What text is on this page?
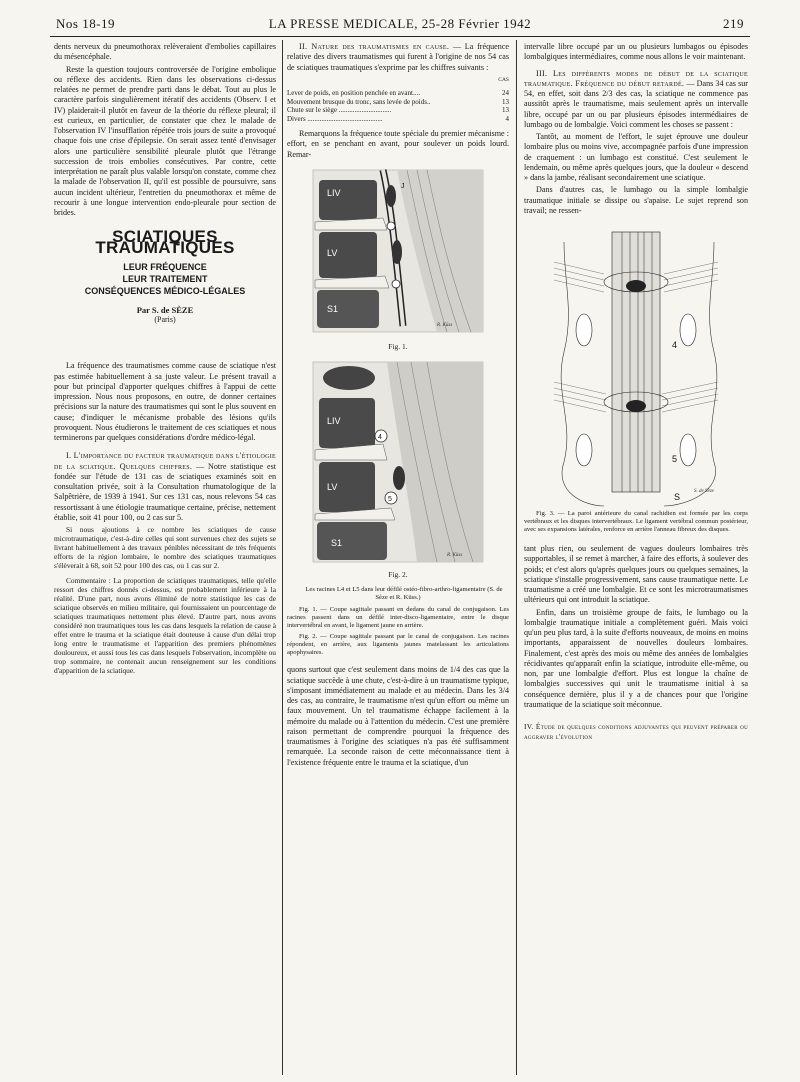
Nos 18-19	LA PRESSE MEDICALE, 25-28 Février 1942	219

dents nerveux du pneumothorax relèveraient d'embolies capillaires du mésencéphale.

Reste la question toujours controversée de l'origine embolique ou réflexe des accidents. Rien dans les observations ci-dessus relatées ne permet de prendre parti dans le débat. Tout au plus le caractère parfois singulièrement itératif des accidents (Observ. I et IV) plaiderait-il plutôt en faveur de la théorie du réflexe pleural; il est curieux, en particulier, de constater que chez le malade de l'observation IV l'insufflation répétée trois jours de suite a provoqué chaque fois une crise d'épilepsie. On serait assez tenté d'envisager alors une particulière sensibilité pleurale plutôt que l'étrange succession de trois embolies consécutives. Par contre, cette interprétation ne paraît plus valable lorsqu'on constate, comme chez la malade de l'observation II, qu'il est possible de poursuivre, sans aucun incident ultérieur, l'entretien du pneumothorax et même de recourir à une longue intervention endo-pleurale pour section de brides.

SCIATIQUES TRAUMATIQUES
LEUR FRÉQUENCE
LEUR TRAITEMENT
CONSÉQUENCES MÉDICO-LÉGALES
Par S. de SÈZE
(Paris)

La fréquence des traumatismes comme cause de sciatique n'est pas estimée habituellement à sa juste valeur. Le présent travail a pour but principal d'apporter quelques chiffres à l'appui de cette impression. Nous nous proposons, en outre, de donner certaines précisions sur la nature des traumatismes qui sont le plus souvent en cause; d'indiquer le mécanisme probable des lésions qu'ils provoquent. Nous étudierons le traitement de ces sciatiques et nous terminerons par quelques considérations d'ordre médico-légal.

I. L'importance du facteur traumatique dans l'étiologie de la sciatique. Quelques chiffres. — Notre statistique est fondée sur l'étude de 131 cas de sciatiques examinés soit en consultation privée, soit à la Consultation rhumatologique de la Salpêtrière, de 1939 à 1941. Sur ces 131 cas, nous relevons 54 cas ressortissant à une étiologie traumatique certaine, précise, nettement établie, soit 41 pour 100, ou 2 cas sur 5.

Si nous ajoutions à ce nombre les sciatiques de cause microtraumatique, c'est-à-dire celles qui sont survenues chez des sujets se livrant habituellement à des travaux pénibles nécessitant de très fréquents efforts de la région lombaire, le nombre des sciatiques traumatiques s'élèverait à 68, soit 52 pour 100 des cas, ou 1 cas sur 2.

Commentaire : La proportion de sciatiques traumatiques, telle qu'elle ressort des chiffres donnés ci-dessus, est probablement inférieure à la réalité. D'une part, nous avons éliminé de notre statistique les cas de sciatique observés en milieu militaire, qui fournissaient un pourcentage de sciatiques traumatiques nettement plus élevé. D'autre part, nous avons considéré non traumatiques tous les cas dans lesquels la relation de cause à effet entre le trauma et la sciatique était douteuse à cause d'un délai trop long entre le traumatisme et l'apparition des premiers phénomènes douloureux, et aussi tous les cas dans lesquels l'observation, incomplète ou trop sommaire, ne contenait aucun renseignement sur les conditions d'apparition de la sciatique.

II. Nature des traumatismes en cause. — La fréquence relative des divers traumatismes qui furent à l'origine de nos 54 cas de sciatiques traumatiques s'exprime par les chiffres suivants :

CAS
Lever de poids, en position penchée en avant....	24
Mouvement brusque du tronc, sans levée de poids..	13
Chute sur le siège ..............................	13
Divers ...........................................	4

Remarquons la fréquence toute spéciale du premier mécanisme : effort, en se penchant en avant, pour soulever un poids lourd. Remar-

LIV
LV
S1
J
R. Küss
Fig. 1.
LIV
LV
S1
4
5
R. Küss
Fig. 2.

Les racines L4 et L5 dans leur défilé ostéo-fibro-arthro-ligamentaire (S. de Sèze et R. Küss.)

Fig. 1. — Coupe sagittale passant en dedans du canal de conjugaison. Les racines passent dans un défilé inter-disco-ligamentaire, entre le disque intervertébral en avant, le ligament jaune en arrière.

Fig. 2. — Coupe sagittale passant par le canal de conjugaison. Les racines répondent, en arrière, aux ligaments jaunes matelassant les articulations apophysaires.

quons surtout que c'est seulement dans moins de 1/4 des cas que la sciatique succède à une chute, c'est-à-dire à un traumatisme typique, s'imposant immédiatement au malade et au médecin. Dans les 3/4 des cas, au contraire, le traumatisme n'est qu'un effort ou même un faux mouvement. Un tel traumatisme échappe facilement à la mémoire du malade ou à l'attention du médecin. C'est une première raison permettant de comprendre pourquoi la fréquence des traumatismes à l'origine des sciatiques n'a pas été suffisamment remarquée. La seconde raison de cette méconnaissance tient à l'existence fréquente entre le trauma et la sciatique, d'un

intervalle libre occupé par un ou plusieurs lumbagos ou épisodes lombalgiques intermédiaires, comme nous allons le voir maintenant.

III. Les différents modes de début de la sciatique traumatique. Fréquence du début retardé. — Dans 34 cas sur 54, en effet, soit dans 2/3 des cas, la sciatique ne commence pas aussitôt après le traumatisme, mais seulement après un intervalle libre, occupé par un ou par plusieurs épisodes intermédiaires de lumbago ou de lombalgie. Voici comment les choses se passent :

Tantôt, au moment de l'effort, le sujet éprouve une douleur lombaire plus ou moins vive, accompagnée parfois d'une impression de craquement : un lumbago est constitué. C'est seulement le lendemain, ou même après quelques jours, que la douleur « descend » dans la jambe, réalisant secondairement une sciatique.

Dans d'autres cas, le lumbago ou la simple lombalgie traumatique initiale se dissipe ou s'apaise. Le sujet reprend son travail; ne ressen-

4
5
S
S. de Sèze

Fig. 3. — La paroi antérieure du canal rachidien est formée par les corps vertébraux et les disques intervertébraux. Le ligament vertébral commun postérieur, avec ses expansions latérales, renforce en arrière l'anneau fibreux des disques.

tant plus rien, ou seulement de vagues douleurs lombaires très supportables, il se remet à marcher, à faire des efforts, à soulever des poids; et c'est alors qu'après quelques jours ou quelques semaines, la sciatique s'installe progressivement, sans cause traumatique nette. Le traumatisme a créé une lombalgie. Et ce sont les microtraumatismes ultérieurs qui ont introduit la sciatique.

Enfin, dans un troisième groupe de faits, le lumbago ou la lombalgie traumatique initiale a complètement guéri. Mais voici qu'un peu plus tard, à la suite d'efforts nouveaux, de moins en moins importants, apparaissent de nouvelles douleurs lombaires. Finalement, c'est après des mois ou même des années de lombalgies récidivantes qu'apparaît enfin la sciatique, introduite elle-même, ou non, par une lombalgie d'effort. Plus est longue la chaîne de lombalgies successives qui unit le traumatisme initial à sa conséquence dernière, plus il y a de chances pour que l'origine traumatique de la sciatique soit méconnue.

IV. Étude de quelques conditions adjuvantes qui peuvent préparer ou aggraver l'évolution
